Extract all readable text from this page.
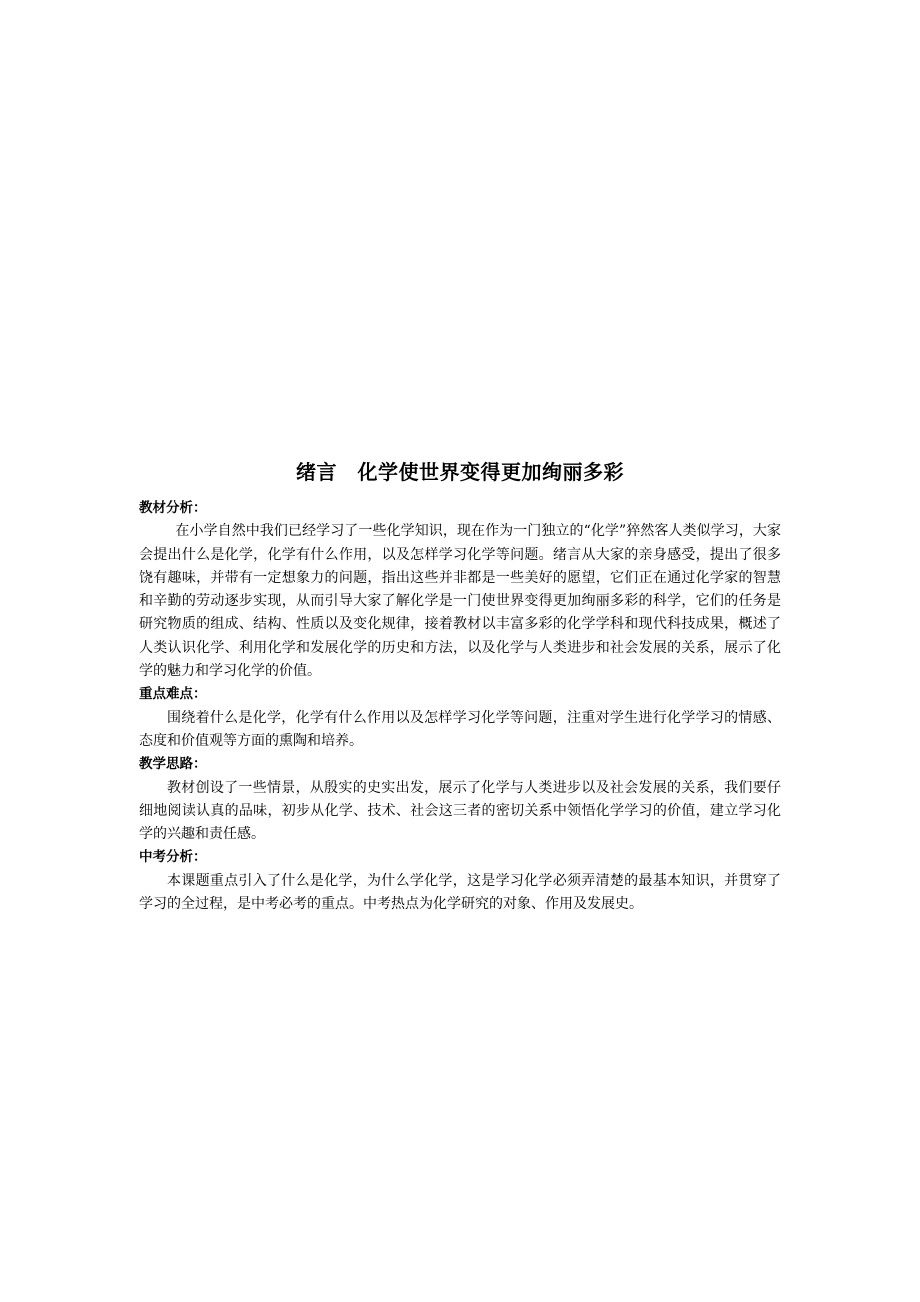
绪言　化学使世界变得更加绚丽多彩

教材分析：

在小学自然中我们已经学习了一些化学知识，现在作为一门独立的“化学”猝然客人类似学习，大家会提出什么是化学，化学有什么作用，以及怎样学习化学等问题。绪言从大家的亲身感受，提出了很多饶有趣味，并带有一定想象力的问题，指出这些并非都是一些美好的愿望，它们正在通过化学家的智慧和辛勤的劳动逐步实现，从而引导大家了解化学是一门使世界变得更加绚丽多彩的科学，它们的任务是研究物质的组成、结构、性质以及变化规律，接着教材以丰富多彩的化学学科和现代科技成果，概述了人类认识化学、利用化学和发展化学的历史和方法，以及化学与人类进步和社会发展的关系，展示了化学的魅力和学习化学的价值。

重点难点：

围绕着什么是化学，化学有什么作用以及怎样学习化学等问题，注重对学生进行化学学习的情感、态度和价值观等方面的熏陶和培养。

教学思路：

教材创设了一些情景，从殷实的史实出发，展示了化学与人类进步以及社会发展的关系，我们要仔细地阅读认真的品味，初步从化学、技术、社会这三者的密切关系中领悟化学学习的价值，建立学习化学的兴趣和责任感。

中考分析：

本课题重点引入了什么是化学，为什么学化学，这是学习化学必须弄清楚的最基本知识，并贯穿了学习的全过程，是中考必考的重点。中考热点为化学研究的对象、作用及发展史。
